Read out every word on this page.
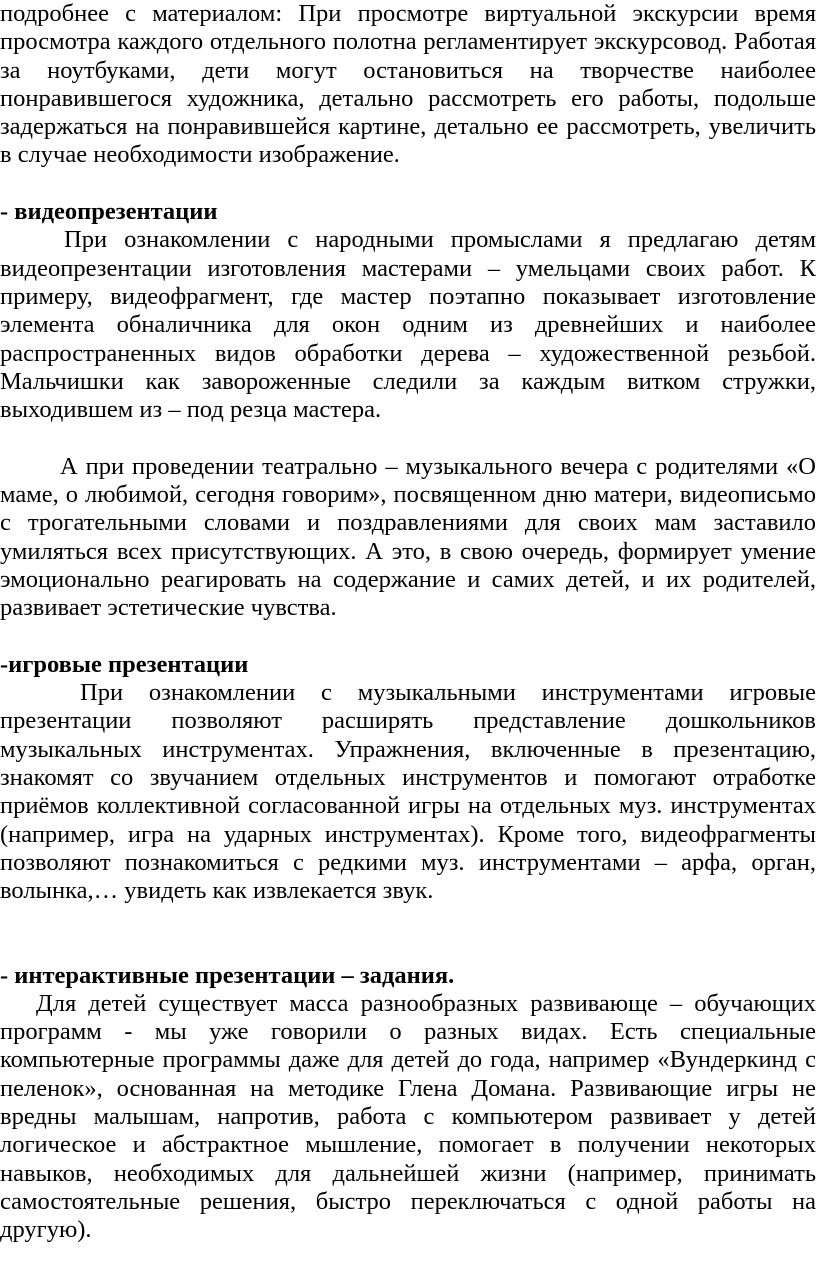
подробнее с материалом: При просмотре виртуальной экскурсии время просмотра каждого отдельного полотна регламентирует экскурсовод. Работая за ноутбуками, дети могут остановиться на творчестве наиболее понравившегося художника, детально рассмотреть его работы, подольше задержаться на понравившейся картине, детально ее рассмотреть, увеличить в случае необходимости изображение.

- видеопрезентации

При ознакомлении с народными промыслами я предлагаю детям видеопрезентации изготовления мастерами – умельцами своих работ. К примеру, видеофрагмент, где мастер поэтапно показывает изготовление элемента обналичника для окон одним из древнейших и наиболее распространенных видов обработки дерева – художественной резьбой. Мальчишки как завороженные следили за каждым витком стружки, выходившем из – под резца мастера.

А при проведении театрально – музыкального вечера с родителями «О маме, о любимой, сегодня говорим», посвященном дню матери, видеописьмо с трогательными словами и поздравлениями для своих мам заставило умиляться всех присутствующих. А это, в свою очередь, формирует умение эмоционально реагировать на содержание и самих детей, и их родителей, развивает эстетические чувства.

-игровые презентации

При ознакомлении с музыкальными инструментами игровые презентации позволяют расширять представление дошкольников музыкальных инструментах. Упражнения, включенные в презентацию, знакомят со звучанием отдельных инструментов и помогают отработке приёмов коллективной согласованной игры на отдельных муз. инструментах (например, игра на ударных инструментах). Кроме того, видеофрагменты позволяют познакомиться с редкими муз. инструментами – арфа, орган, волынка,… увидеть как извлекается звук.

- интерактивные презентации – задания.

Для детей существует масса разнообразных развивающе – обучающих программ - мы уже говорили о разных видах. Есть специальные компьютерные программы даже для детей до года, например «Вундеркинд с пеленок», основанная на методике Глена Домана. Развивающие игры не вредны малышам, напротив, работа с компьютером развивает у детей логическое и абстрактное мышление, помогает в получении некоторых навыков, необходимых для дальнейшей жизни (например, принимать самостоятельные решения, быстро переключаться с одной работы на другую).
